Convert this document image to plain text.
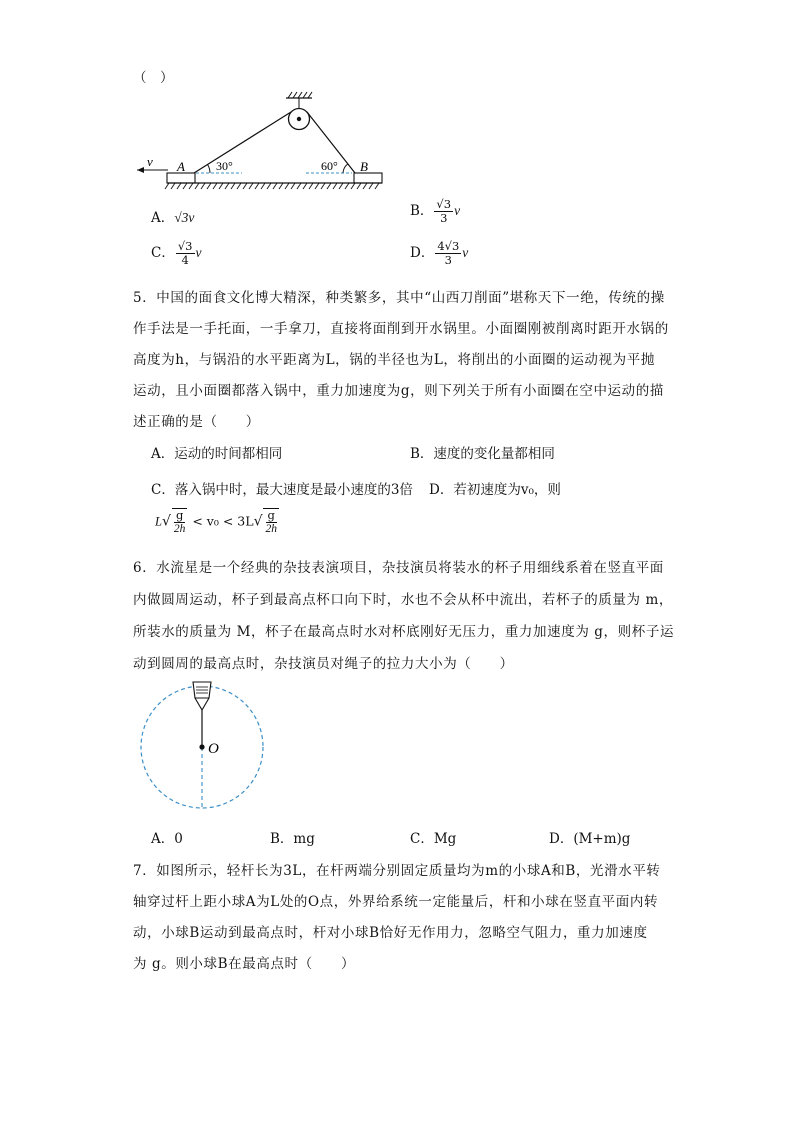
（　）
v A	B
30°	60°
A．√3v	B． $\frac{√3}{3}$ v
C． $\frac{√3}{4}$ v	D． $\frac{4√3}{3}$ v
5．中国的面食文化博大精深，种类繁多，其中“山西刀削面”堪称天下一绝，传统的操
作手法是一手托面，一手拿刀，直接将面削到开水锅里。小面圈刚被削离时距开水锅的
高度为h，与锅沿的水平距离为L，锅的半径也为L，将削出的小面圈的运动视为平抛
运动，且小面圈都落入锅中，重力加速度为g，则下列关于所有小面圈在空中运动的描
述正确的是（　　）
A．运动的时间都相同	B．速度的变化量都相同
C．落入锅中时，最大速度是最小速度的3倍 D．若初速度为v₀，则
$L√ \frac{g}{2h} < v_0 < 3L√ \frac{g}{2h}$
6．水流星是一个经典的杂技表演项目，杂技演员将装水的杯子用细线系着在竖直平面
内做圆周运动，杯子到最高点杯口向下时，水也不会从杯中流出，若杯子的质量为 m，
所装水的质量为 M，杯子在最高点时水对杯底刚好无压力，重力加速度为 g，则杯子运
动到圆周的最高点时，杂技演员对绳子的拉力大小为（　　）
O
A．0	B．mg	C．Mg	D．(M+m)g
7．如图所示，轻杆长为3L，在杆两端分别固定质量均为m的小球A和B，光滑水平转
轴穿过杆上距小球A为L处的O点，外界给系统一定能量后，杆和小球在竖直平面内转
动，小球B运动到最高点时，杆对小球B恰好无作用力，忽略空气阻力，重力加速度
为 g。则小球B在最高点时（　　）
